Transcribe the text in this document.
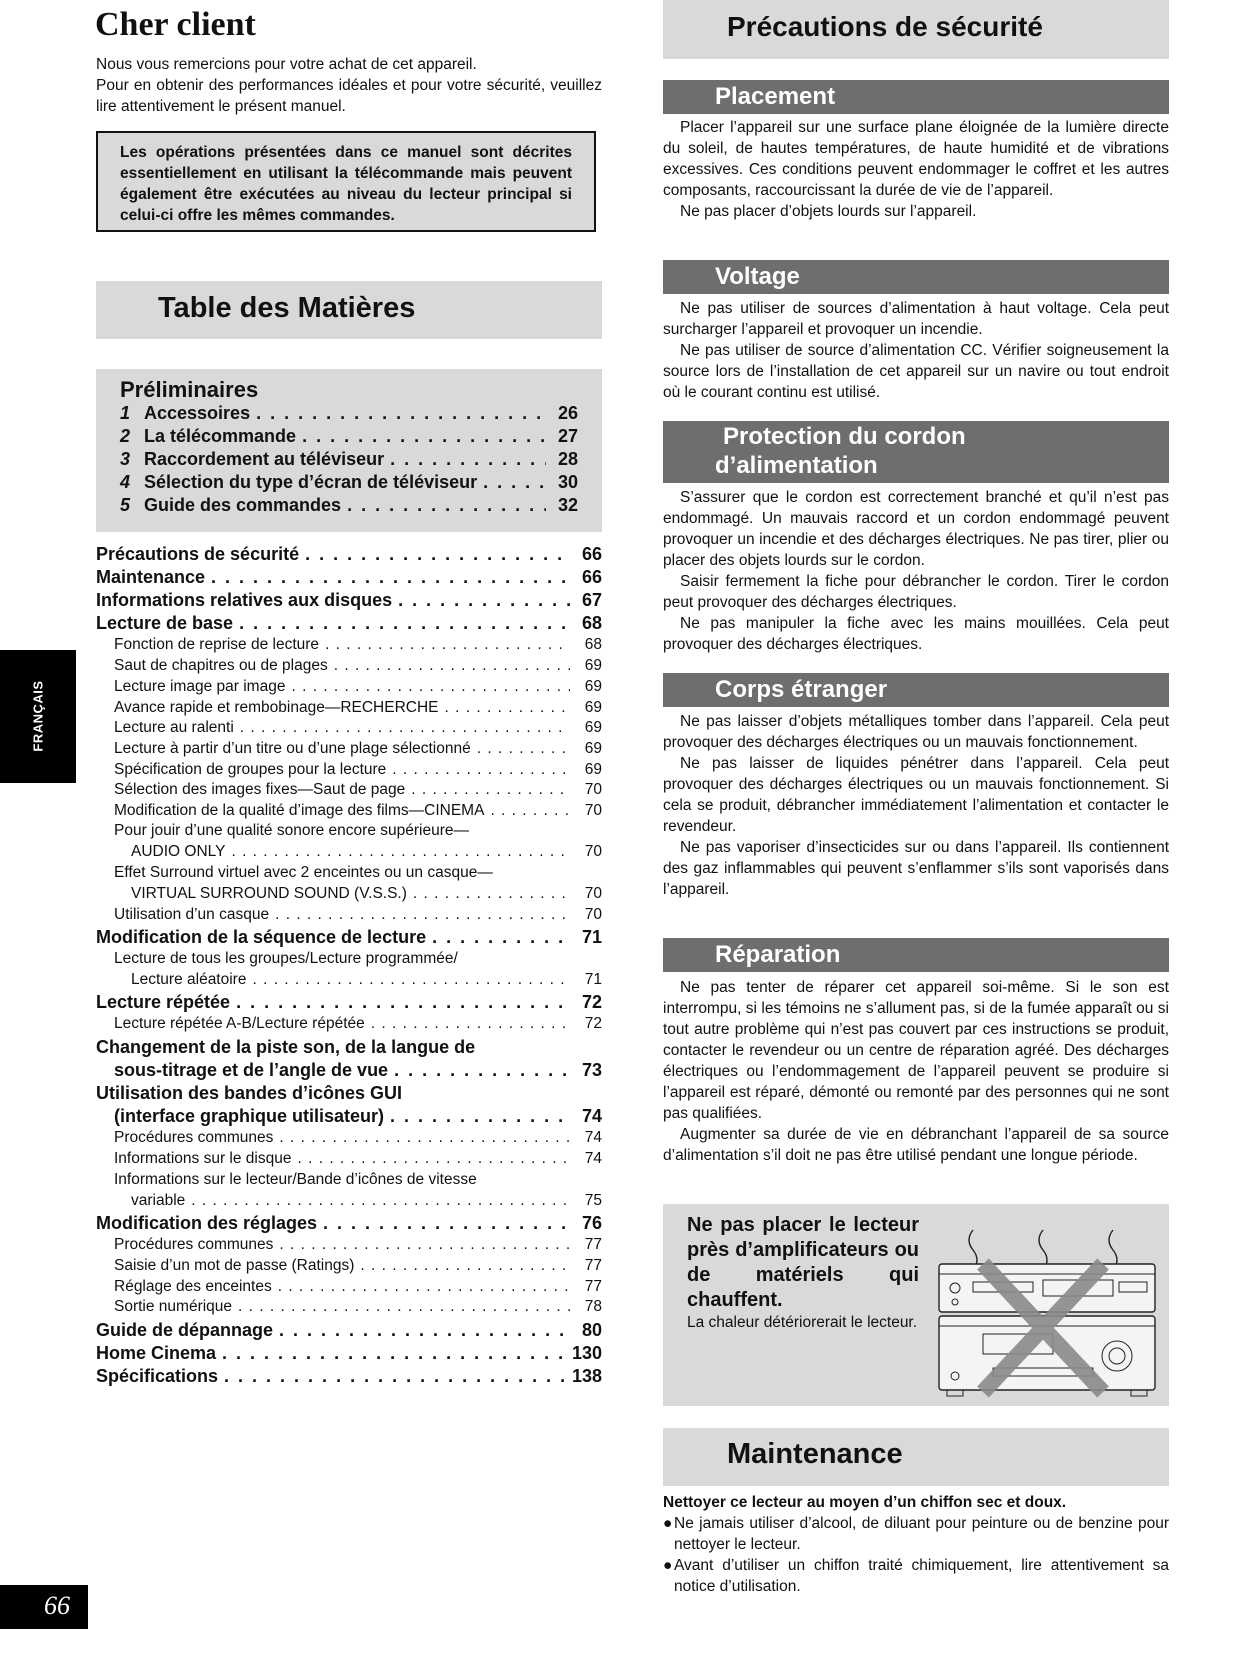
Cher client

Nous vous remercions pour votre achat de cet appareil.

Pour en obtenir des performances idéales et pour votre sécurité, veuillez lire attentivement le présent manuel.

Les opérations présentées dans ce manuel sont décrites essentiellement en utilisant la télécommande mais peuvent également être exécutées au niveau du lecteur principal si celui-ci offre les mêmes commandes.

Table des Matières
Préliminaires
1 Accessoires . . .	26
2 La télécommande . . .	27
3 Raccordement au téléviseur . . .	28
4 Sélection du type d’écran de téléviseur . . .	30
5 Guide des commandes . . .	32
Précautions de sécurité . . .	66
Maintenance . . .	66
Informations relatives aux disques . . .	67
Lecture de base . . .	68
Fonction de reprise de lecture . . .	68
Saut de chapitres ou de plages . . .	69
Lecture image par image . . .	69
Avance rapide et rembobinage—RECHERCHE . . .	69
Lecture au ralenti . . .	69
Lecture à partir d’un titre ou d’une plage sélectionné . . .	69
Spécification de groupes pour la lecture . . .	69
Sélection des images fixes—Saut de page . . .	70
Modification de la qualité d’image des films—CINEMA . . .	70
Pour jouir d’une qualité sonore encore supérieure—
AUDIO ONLY . . .	70
Effet Surround virtuel avec 2 enceintes ou un casque—
VIRTUAL SURROUND SOUND (V.S.S.) . . .	70
Utilisation d’un casque . . .	70
Modification de la séquence de lecture . . .	71
Lecture de tous les groupes/Lecture programmée/
Lecture aléatoire . . .	71
Lecture répétée . . .	72
Lecture répétée A-B/Lecture répétée . . .	72
Changement de la piste son, de la langue de
sous-titrage et de l’angle de vue . . .	73
Utilisation des bandes d’icônes GUI
(interface graphique utilisateur) . . .	74
Procédures communes . . .	74
Informations sur le disque . . .	74
Informations sur le lecteur/Bande d’icônes de vitesse
variable . . .	75
Modification des réglages . . .	76
Procédures communes . . .	77
Saisie d’un mot de passe (Ratings) . . .	77
Réglage des enceintes . . .	77
Sortie numérique . . .	78
Guide de dépannage . . .	80
Home Cinema . . .	130
Spécifications . . .	138
FRANÇAIS
66
Précautions de sécurité
Placement

Placer l’appareil sur une surface plane éloignée de la lumière directe du soleil, de hautes températures, de haute humidité et de vibrations excessives. Ces conditions peuvent endommager le coffret et les autres composants, raccourcissant la durée de vie de l’appareil.

Ne pas placer d’objets lourds sur l’appareil.

Voltage

Ne pas utiliser de sources d’alimentation à haut voltage. Cela peut surcharger l’appareil et provoquer un incendie.

Ne pas utiliser de source d’alimentation CC. Vérifier soigneusement la source lors de l’installation de cet appareil sur un navire ou tout endroit où le courant continu est utilisé.

Protection du cordon
d’alimentation

S’assurer que le cordon est correctement branché et qu’il n’est pas endommagé. Un mauvais raccord et un cordon endommagé peuvent provoquer un incendie et des décharges électriques. Ne pas tirer, plier ou placer des objets lourds sur le cordon.

Saisir fermement la fiche pour débrancher le cordon. Tirer le cordon peut provoquer des décharges électriques.

Ne pas manipuler la fiche avec les mains mouillées. Cela peut provoquer des décharges électriques.

Corps étranger

Ne pas laisser d’objets métalliques tomber dans l’appareil. Cela peut provoquer des décharges électriques ou un mauvais fonctionnement.

Ne pas laisser de liquides pénétrer dans l’appareil. Cela peut provoquer des décharges électriques ou un mauvais fonctionnement. Si cela se produit, débrancher immédiatement l’alimentation et contacter le revendeur.

Ne pas vaporiser d’insecticides sur ou dans l’appareil. Ils contiennent des gaz inflammables qui peuvent s’enflammer s’ils sont vaporisés dans l’appareil.

Réparation

Ne pas tenter de réparer cet appareil soi-même. Si le son est interrompu, si les témoins ne s’allument pas, si de la fumée apparaît ou si tout autre problème qui n’est pas couvert par ces instructions se produit, contacter le revendeur ou un centre de réparation agréé. Des décharges électriques ou l’endommagement de l’appareil peuvent se produire si l’appareil est réparé, démonté ou remonté par des personnes qui ne sont pas qualifiées.

Augmenter sa durée de vie en débranchant l’appareil de sa source d’alimentation s’il doit ne pas être utilisé pendant une longue période.

Ne pas placer le lecteur près d’amplificateurs ou de matériels qui chauffent.
La chaleur détériorerait le lecteur.
Maintenance

Nettoyer ce lecteur au moyen d’un chiffon sec et doux.

● Ne jamais utiliser d’alcool, de diluant pour peinture ou de benzine pour nettoyer le lecteur.

● Avant d’utiliser un chiffon traité chimiquement, lire attentivement sa notice d’utilisation.
